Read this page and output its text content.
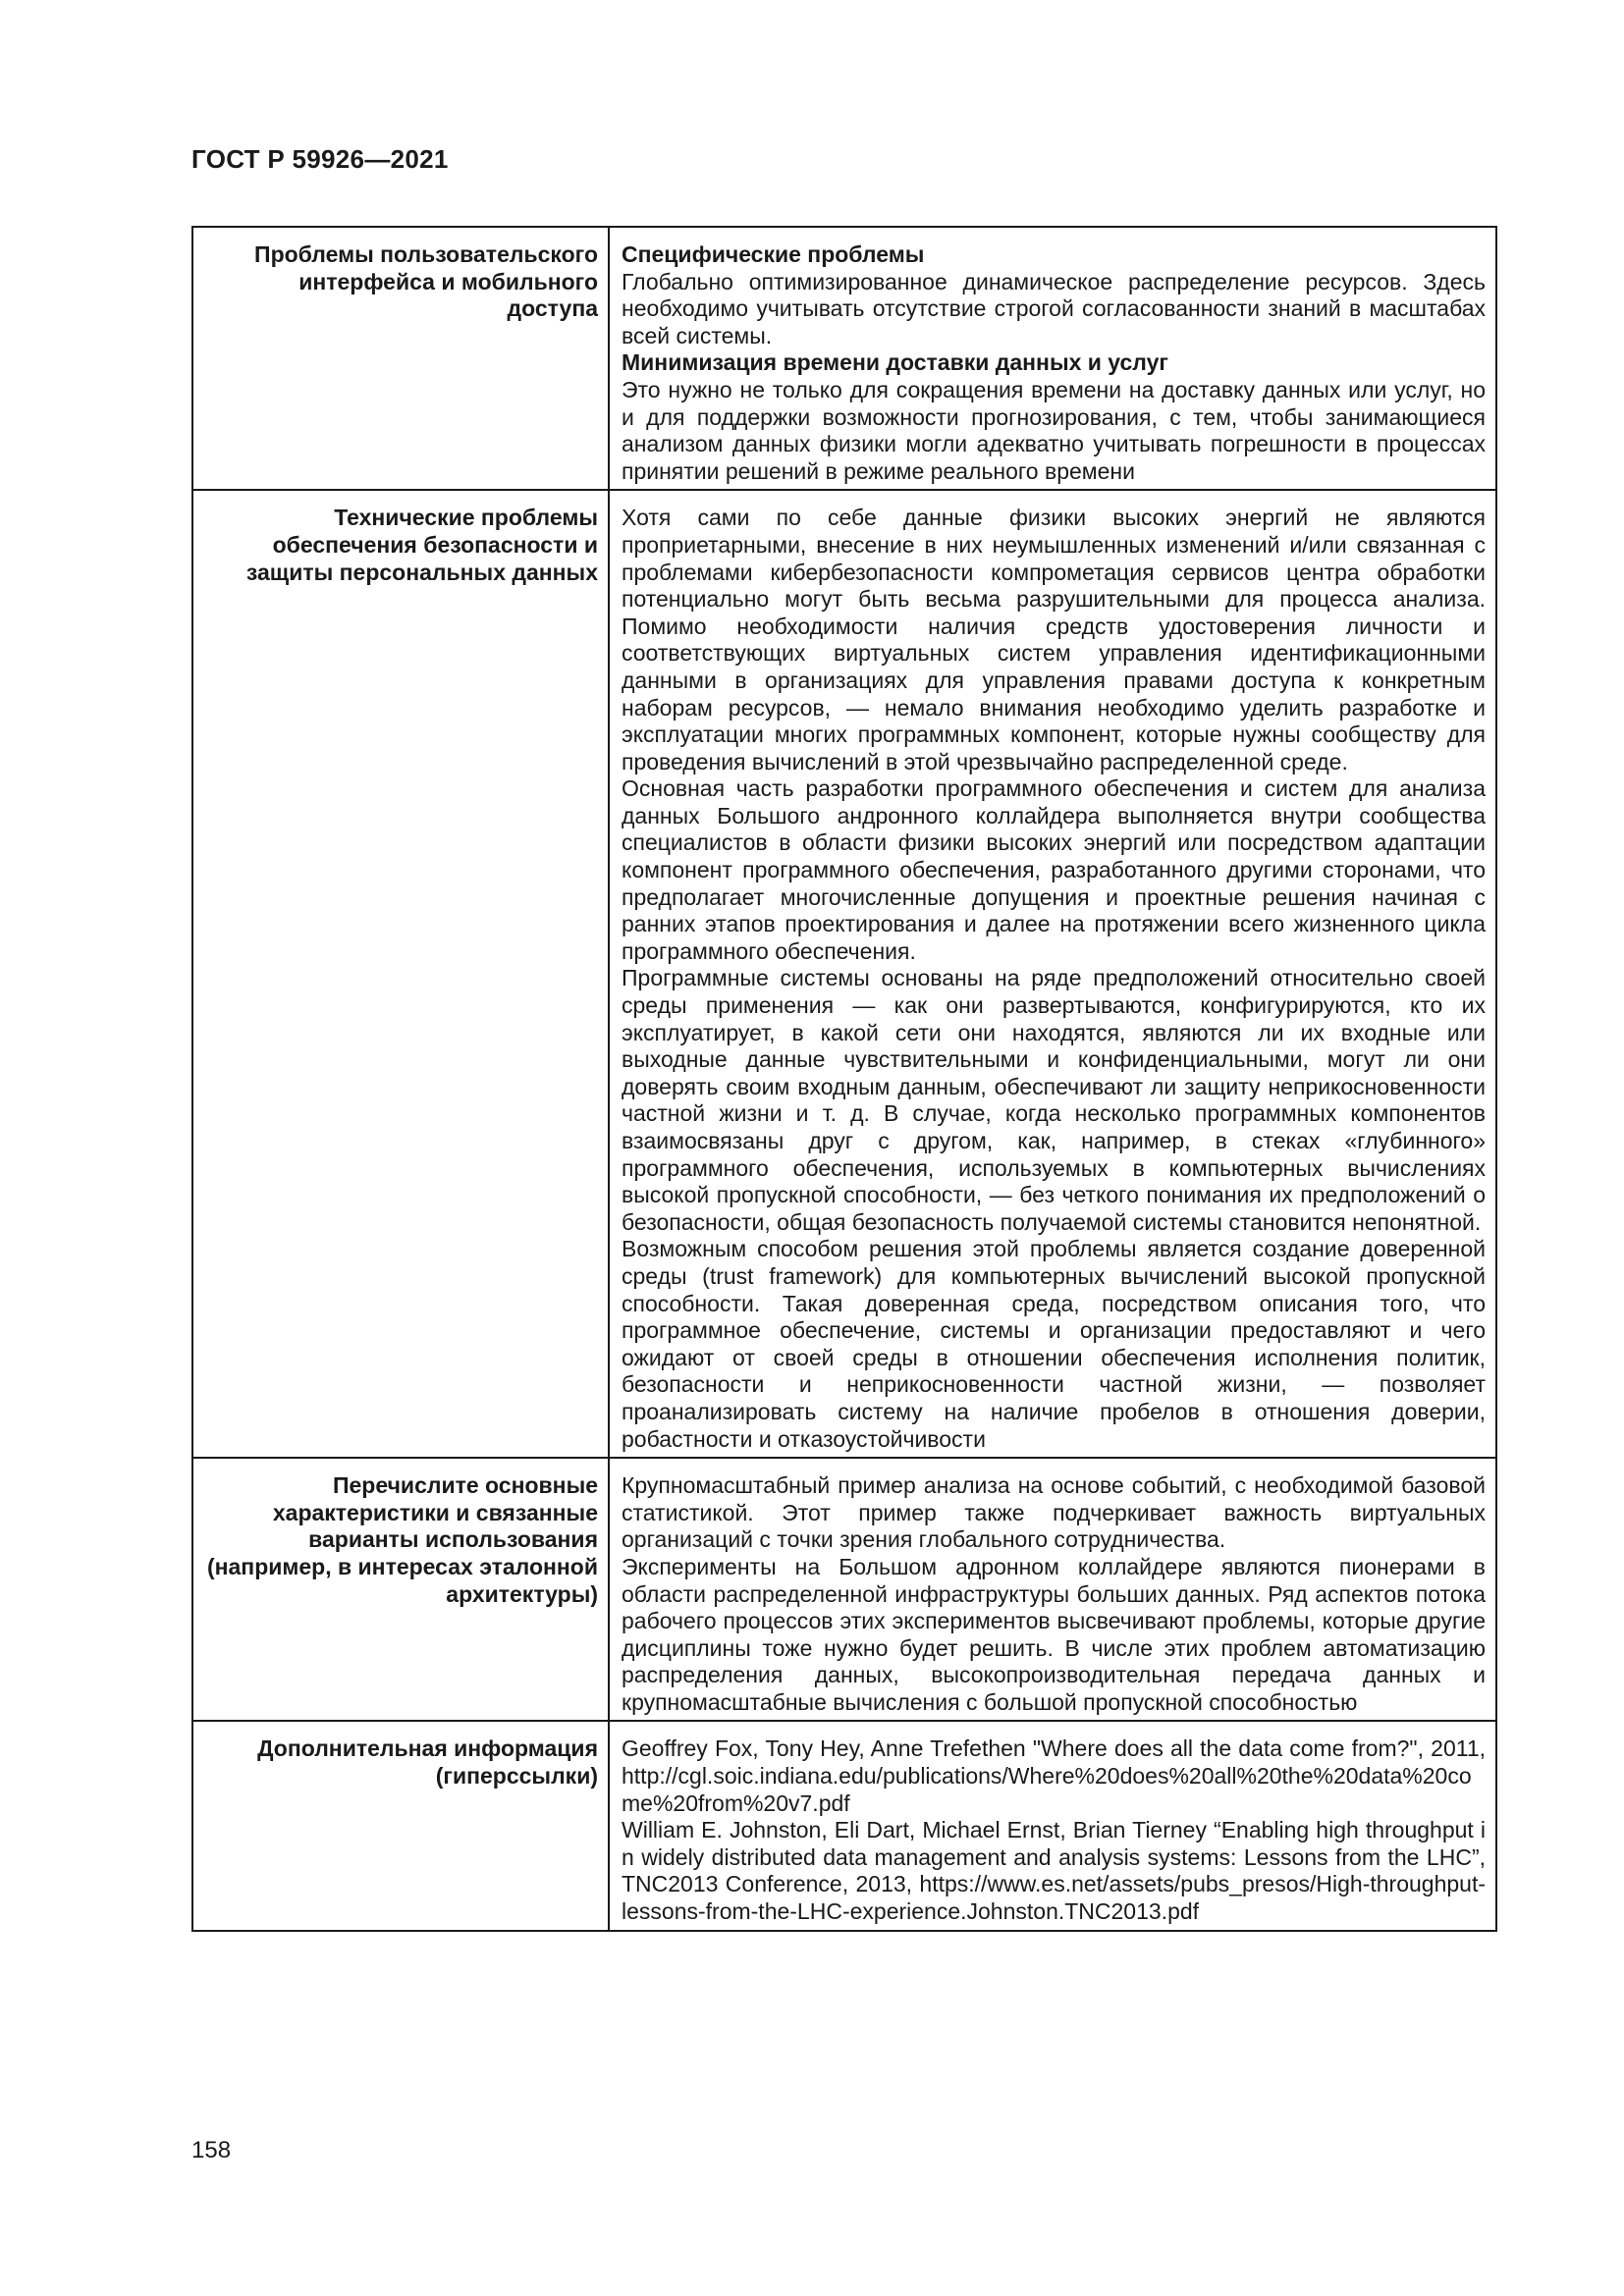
ГОСТ Р 59926—2021
Проблемы пользовательского интерфейса и мобильного доступа	Специфические проблемы

Глобально оптимизированное динамическое распределение ресурсов. Здесь необходимо учитывать отсутствие строгой согласованности знаний в масштабах всей системы.

Минимизация времени доставки данных и услуг

Это нужно не только для сокращения времени на доставку данных или услуг, но и для поддержки возможности прогнозирования, с тем, чтобы занимающиеся анализом данных физики могли адекватно учитывать погрешности в процессах принятии решений в режиме реального времени

Технические проблемы обеспечения безопасности и защиты персональных данных	Хотя сами по себе данные физики высоких энергий не являются проприетарными, внесение в них неумышленных изменений и/или связанная с проблемами кибербезопасности компрометация сервисов центра обработки потенциально могут быть весьма разрушительными для процесса анализа. Помимо необходимости наличия средств удостоверения личности и соответствующих виртуальных систем управления идентификационными данными в организациях для управления правами доступа к конкретным наборам ресурсов, — немало внимания необходимо уделить разработке и эксплуатации многих программных компонент, которые нужны сообществу для проведения вычислений в этой чрезвычайно распределенной среде.

Основная часть разработки программного обеспечения и систем для анализа данных Большого андронного коллайдера выполняется внутри сообщества специалистов в области физики высоких энергий или посредством адаптации компонент программного обеспечения, разработанного другими сторонами, что предполагает многочисленные допущения и проектные решения начиная с ранних этапов проектирования и далее на протяжении всего жизненного цикла программного обеспечения.

Программные системы основаны на ряде предположений относительно своей среды применения — как они развертываются, конфигурируются, кто их эксплуатирует, в какой сети они находятся, являются ли их входные или выходные данные чувствительными и конфиденциальными, могут ли они доверять своим входным данным, обеспечивают ли защиту неприкосновенности частной жизни и т. д. В случае, когда несколько программных компонентов взаимосвязаны друг с другом, как, например, в стеках «глубинного» программного обеспечения, используемых в компьютерных вычислениях высокой пропускной способности, — без четкого понимания их предположений о безопасности, общая безопасность получаемой системы становится непонятной.

Возможным способом решения этой проблемы является создание доверенной среды (trust framework) для компьютерных вычислений высокой пропускной способности. Такая доверенная среда, посредством описания того, что программное обеспечение, системы и организации предоставляют и чего ожидают от своей среды в отношении обеспечения исполнения политик, безопасности и неприкосновенности частной жизни, — позволяет проанализировать систему на наличие пробелов в отношения доверии, робастности и отказоустойчивости

Перечислите основные характеристики и связанные варианты использования (например, в интересах эталонной архитектуры)	Крупномасштабный пример анализа на основе событий, с необходимой базовой статистикой. Этот пример также подчеркивает важность виртуальных организаций с точки зрения глобального сотрудничества.

Эксперименты на Большом адронном коллайдере являются пионерами в области распределенной инфраструктуры больших данных. Ряд аспектов потока рабочего процессов этих экспериментов высвечивают проблемы, которые другие дисциплины тоже нужно будет решить. В числе этих проблем автоматизацию распределения данных, высокопроизводительная передача данных и крупномасштабные вычисления с большой пропускной способностью

Дополнительная информация (гиперссылки)	Geoffrey Fox, Tony Hey, Anne Trefethen "Where does all the data come from?", 2011, http://cgl.soic.indiana.edu/publications/Where%20does%20all%20the%20data%20come%20from%20v7.pdf

William E. Johnston, Eli Dart, Michael Ernst, Brian Tierney “Enabling high throughput in widely distributed data management and analysis systems: Lessons from the LHC”, TNC2013 Conference, 2013, https://www.es.net/assets/pubs_presos/High-throughput-lessons-from-the-LHC-experience.Johnston.TNC2013.pdf

158
